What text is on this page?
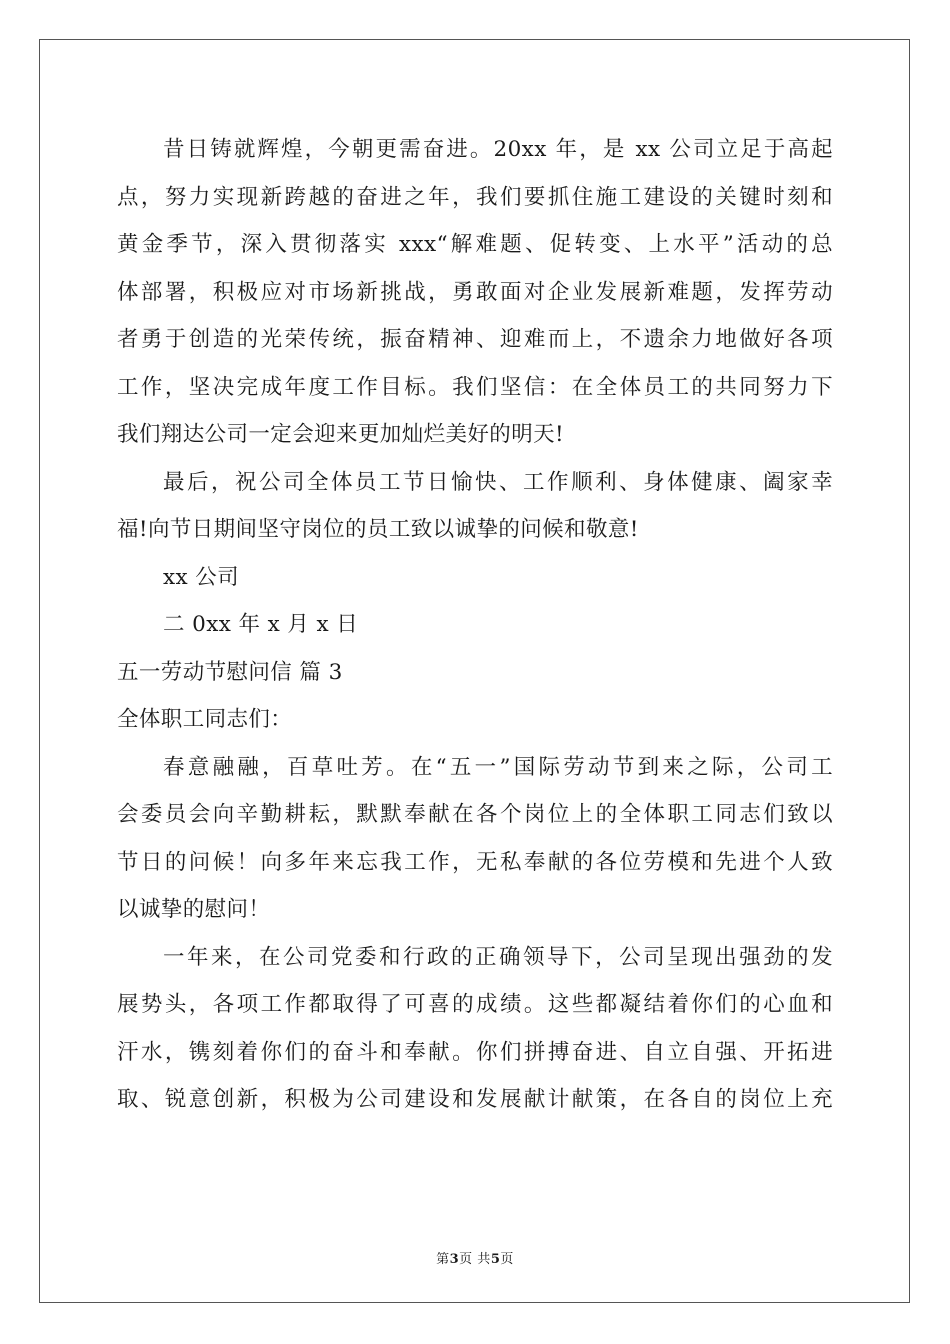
昔日铸就辉煌，今朝更需奋进。20xx 年，是 xx 公司立足于高起
点，努力实现新跨越的奋进之年，我们要抓住施工建设的关键时刻和
黄金季节，深入贯彻落实 xxx“解难题、促转变、上水平”活动的总
体部署，积极应对市场新挑战，勇敢面对企业发展新难题，发挥劳动
者勇于创造的光荣传统，振奋精神、迎难而上，不遗余力地做好各项
工作，坚决完成年度工作目标。我们坚信：在全体员工的共同努力下
我们翔达公司一定会迎来更加灿烂美好的明天!
最后，祝公司全体员工节日愉快、工作顺利、身体健康、阖家幸
福!向节日期间坚守岗位的员工致以诚挚的问候和敬意!
xx 公司
二 0xx 年 x 月 x 日
五一劳动节慰问信 篇 3
全体职工同志们：
春意融融，百草吐芳。在“五一”国际劳动节到来之际，公司工
会委员会向辛勤耕耘，默默奉献在各个岗位上的全体职工同志们致以
节日的问候！向多年来忘我工作，无私奉献的各位劳模和先进个人致
以诚挚的慰问！
一年来，在公司党委和行政的正确领导下，公司呈现出强劲的发
展势头，各项工作都取得了可喜的成绩。这些都凝结着你们的心血和
汗水，镌刻着你们的奋斗和奉献。你们拼搏奋进、自立自强、开拓进
取、锐意创新，积极为公司建设和发展献计献策，在各自的岗位上充
第3页 共5页
